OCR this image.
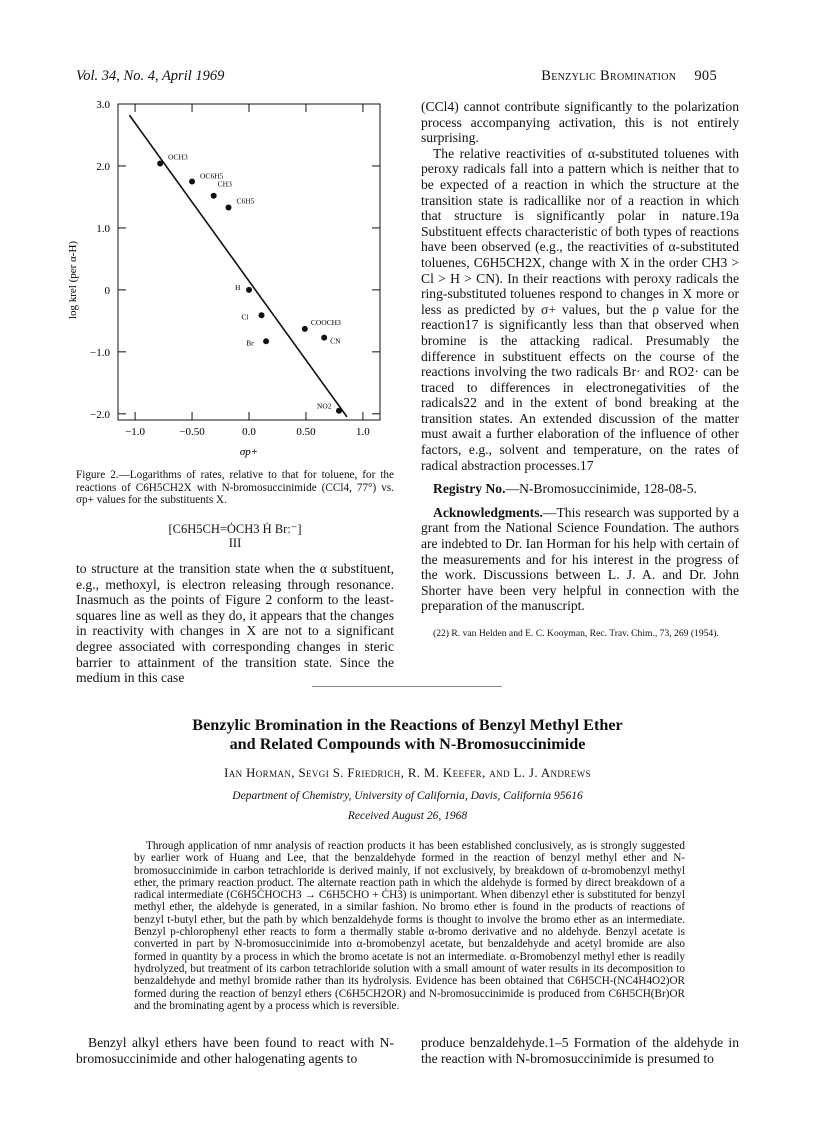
Vol. 34, No. 4, April 1969	Benzylic Bromination 905
3.0
2.0
1.0
0
−1.0
−2.0
−1.0	−0.50	0.0	0.50	1.0
σp+
log krel (per α-H)
OCH3
OC6H5
CH3
C6H5
H
Cl
COOCH3
CN
Br
NO2
Figure 2.—Logarithms of rates, relative to that for toluene, for the reactions of C6H5CH2X with N-bromosuccinimide (CCl4, 77°) vs. σp+ values for the substituents X.
[C6H5CH=ȮCH3 Ḣ Br:⁻]
III

to structure at the transition state when the α substituent, e.g., methoxyl, is electron releasing through resonance. Inasmuch as the points of Figure 2 conform to the least-squares line as well as they do, it appears that the changes in reactivity with changes in X are not to a significant degree associated with corresponding changes in steric barrier to attainment of the transition state. Since the medium in this case

(CCl4) cannot contribute significantly to the polarization process accompanying activation, this is not entirely surprising.

The relative reactivities of α-substituted toluenes with peroxy radicals fall into a pattern which is neither that to be expected of a reaction in which the structure at the transition state is radicallike nor of a reaction in which that structure is significantly polar in nature.19a Substituent effects characteristic of both types of reactions have been observed (e.g., the reactivities of α-substituted toluenes, C6H5CH2X, change with X in the order CH3 > Cl > H > CN). In their reactions with peroxy radicals the ring-substituted toluenes respond to changes in X more or less as predicted by σ+ values, but the ρ value for the reaction17 is significantly less than that observed when bromine is the attacking radical. Presumably the difference in substituent effects on the course of the reactions involving the two radicals Br· and RO2· can be traced to differences in electronegativities of the radicals22 and in the extent of bond breaking at the transition states. An extended discussion of the matter must await a further elaboration of the influence of other factors, e.g., solvent and temperature, on the rates of radical abstraction processes.17

Registry No.—N-Bromosuccinimide, 128-08-5.

Acknowledgments.—This research was supported by a grant from the National Science Foundation. The authors are indebted to Dr. Ian Horman for his help with certain of the measurements and for his interest in the progress of the work. Discussions between L. J. A. and Dr. John Shorter have been very helpful in connection with the preparation of the manuscript.

(22) R. van Helden and E. C. Kooyman, Rec. Trav. Chim., 73, 269 (1954).

Benzylic Bromination in the Reactions of Benzyl Methyl Ether
and Related Compounds with N-Bromosuccinimide
Ian Horman, Sevgi S. Friedrich, R. M. Keefer, and L. J. Andrews
Department of Chemistry, University of California, Davis, California 95616
Received August 26, 1968
Through application of nmr analysis of reaction products it has been established conclusively, as is strongly suggested by earlier work of Huang and Lee, that the benzaldehyde formed in the reaction of benzyl methyl ether and N-bromosuccinimide in carbon tetrachloride is derived mainly, if not exclusively, by breakdown of α-bromobenzyl methyl ether, the primary reaction product. The alternate reaction path in which the aldehyde is formed by direct breakdown of a radical intermediate (C6H5ĊHOCH3 → C6H5CHO + ĊH3) is unimportant. When dibenzyl ether is substituted for benzyl methyl ether, the aldehyde is generated, in a similar fashion. No bromo ether is found in the products of reactions of benzyl t-butyl ether, but the path by which benzaldehyde forms is thought to involve the bromo ether as an intermediate. Benzyl p-chlorophenyl ether reacts to form a thermally stable α-bromo derivative and no aldehyde. Benzyl acetate is converted in part by N-bromosuccinimide into α-bromobenzyl acetate, but benzaldehyde and acetyl bromide are also formed in quantity by a process in which the bromo acetate is not an intermediate. α-Bromobenzyl methyl ether is readily hydrolyzed, but treatment of its carbon tetrachloride solution with a small amount of water results in its decomposition to benzaldehyde and methyl bromide rather than its hydrolysis. Evidence has been obtained that C6H5CH-(NC4H4O2)OR formed during the reaction of benzyl ethers (C6H5CH2OR) and N-bromosuccinimide is produced from C6H5CH(Br)OR and the brominating agent by a process which is reversible.
Benzyl alkyl ethers have been found to react with N-bromosuccinimide and other halogenating agents to
produce benzaldehyde.1–5 Formation of the aldehyde in the reaction with N-bromosuccinimide is presumed to
